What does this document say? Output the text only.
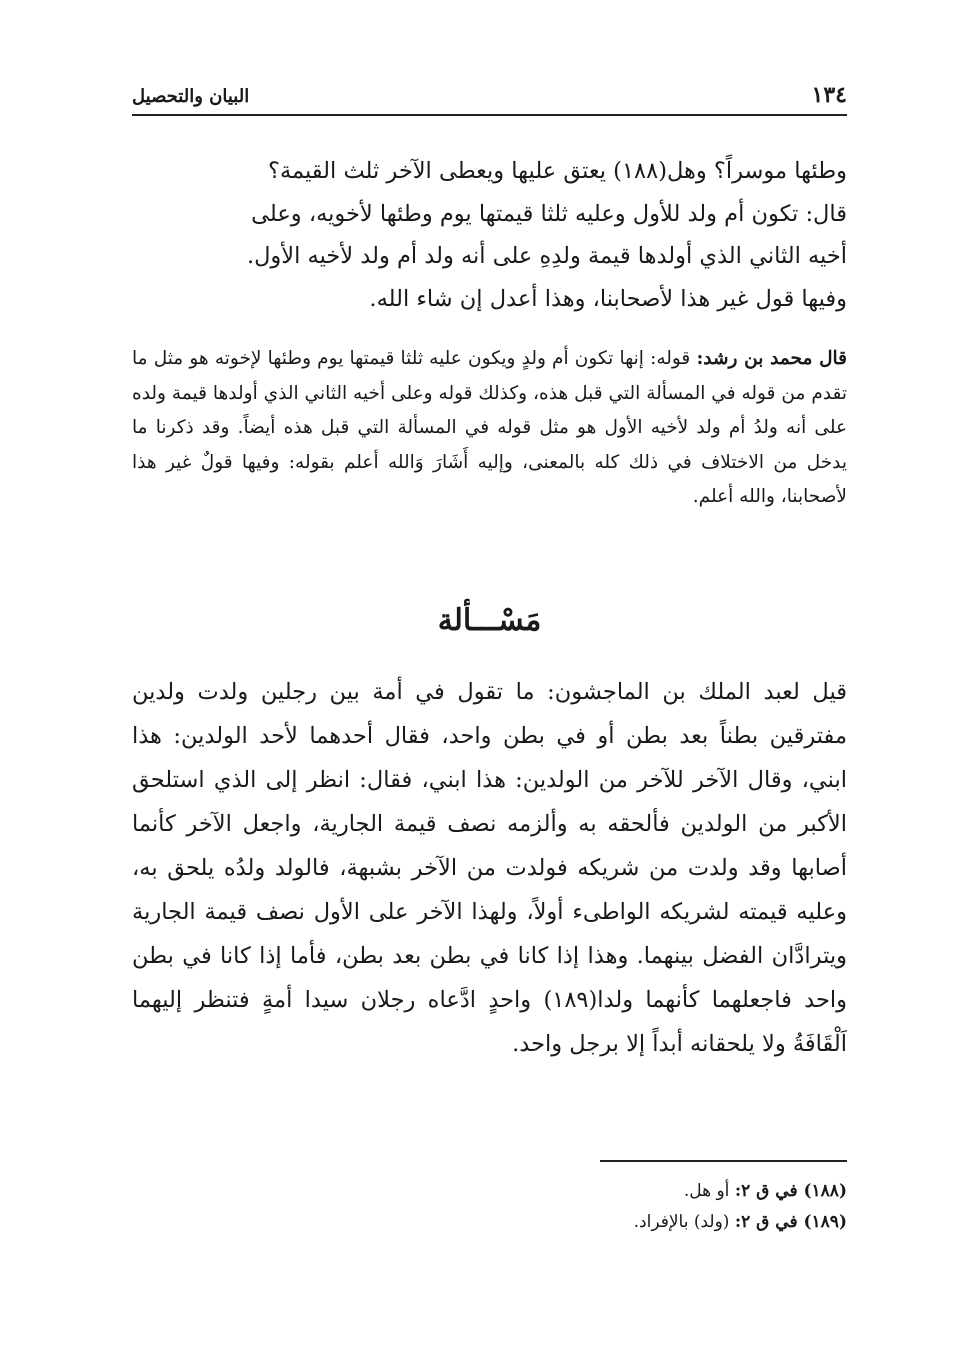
١٣٤
البيان والتحصيل

وطئها موسراً؟ وهل(١٨٨) يعتق عليها ويعطى الآخر ثلث القيمة؟

قال: تكون أم ولد للأول وعليه ثلثا قيمتها يوم وطئها لأخويه، وعلى

أخيه الثاني الذي أولدها قيمة ولدِهِ على أنه ولد أم ولد لأخيه الأول.

وفيها قول غير هذا لأصحابنا، وهذا أعدل إن شاء الله.

قال محمد بن رشد: قوله: إنها تكون أم ولدٍ ويكون عليه ثلثا قيمتها يوم وطئها لإخوته هو مثل ما تقدم من قوله في المسألة التي قبل هذه، وكذلك قوله وعلى أخيه الثاني الذي أولدها قيمة ولده على أنه ولدُ أم ولد لأخيه الأول هو مثل قوله في المسألة التي قبل هذه أيضاً. وقد ذكرنا ما يدخل من الاختلاف في ذلك كله بالمعنى، وإليه أَشَارَ وَالله أعلم بقوله: وفيها قولٌ غير هذا لأصحابنا، والله أعلم.

مَسْـــألة

قيل لعبد الملك بن الماجشون: ما تقول في أمة بين رجلين ولدت ولدين مفترقين بطناً بعد بطن أو في بطن واحد، فقال أحدهما لأحد الولدين: هذا ابني، وقال الآخر للآخر من الولدين: هذا ابني، فقال: انظر إلى الذي استلحق الأكبر من الولدين فألحقه به وألزمه نصف قيمة الجارية، واجعل الآخر كأنما أصابها وقد ولدت من شريكه فولدت من الآخر بشبهة، فالولد ولدُه يلحق به، وعليه قيمته لشريكه الواطىء أولاً، ولهذا الآخر على الأول نصف قيمة الجارية ويترادَّان الفضل بينهما. وهذا إذا كانا في بطن بعد بطن، فأما إذا كانا في بطن واحد فاجعلهما كأنهما ولدا(١٨٩) واحدٍ ادَّعاه رجلان سيدا أمةٍ فتنظر إليهما اَلْقَافَةُ ولا يلحقانه أبداً إلا برجل واحد.

(١٨٨) في ق ٢: أو هل.
(١٨٩) في ق ٢: (ولد) بالإفراد.
